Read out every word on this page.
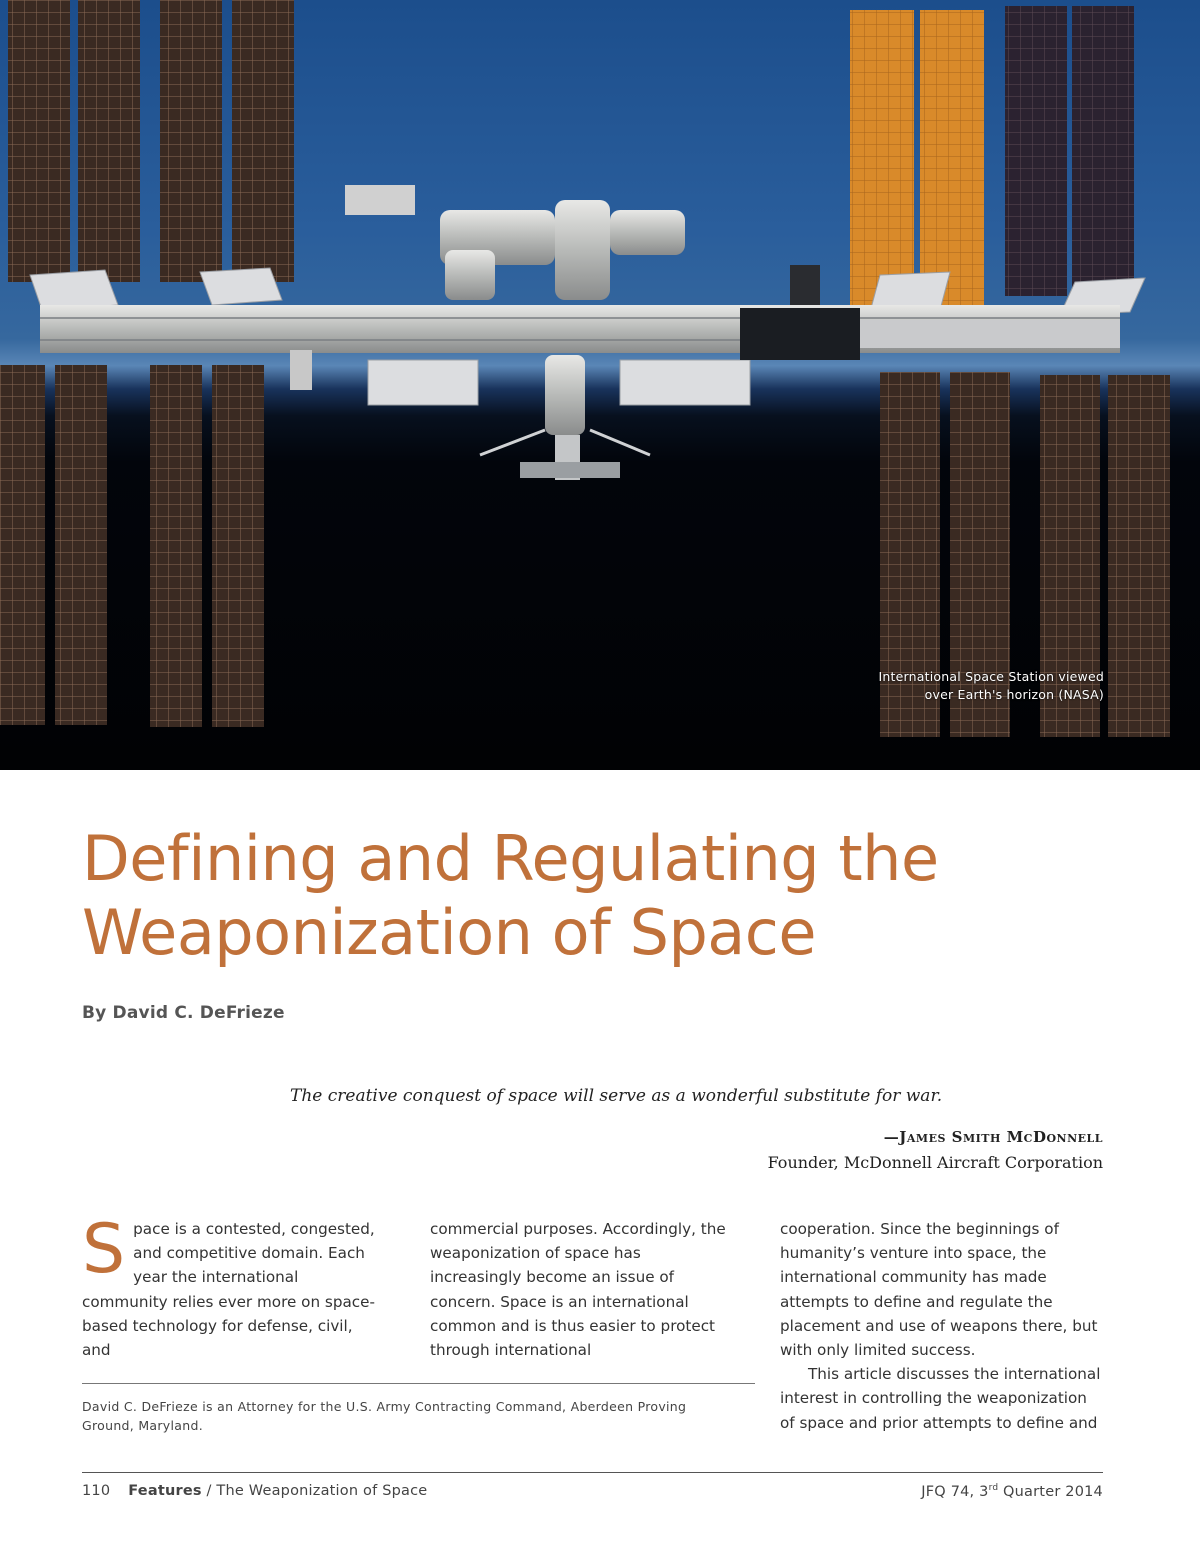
International Space Station viewed
over Earth's horizon (NASA)
Defining and Regulating the
Weaponization of Space
By David C. DeFrieze
The creative conquest of space will serve as a wonderful substitute for war.
—James Smith McDonnell
Founder, McDonnell Aircraft Corporation

Space is a contested, congested, and competitive domain. Each year the international community relies ever more on space-based technology for defense, civil, and

commercial purposes. Accordingly, the weaponization of space has increasingly become an issue of concern. Space is an international common and is thus easier to protect through international

cooperation. Since the beginnings of humanity’s venture into space, the international community has made attempts to define and regulate the placement and use of weapons there, but with only limited success.

This article discusses the international interest in controlling the weaponization of space and prior attempts to define and

David C. DeFrieze is an Attorney for the U.S. Army Contracting Command, Aberdeen Proving Ground, Maryland.
110 Features / The Weaponization of Space	JFQ 74, 3rd Quarter 2014
